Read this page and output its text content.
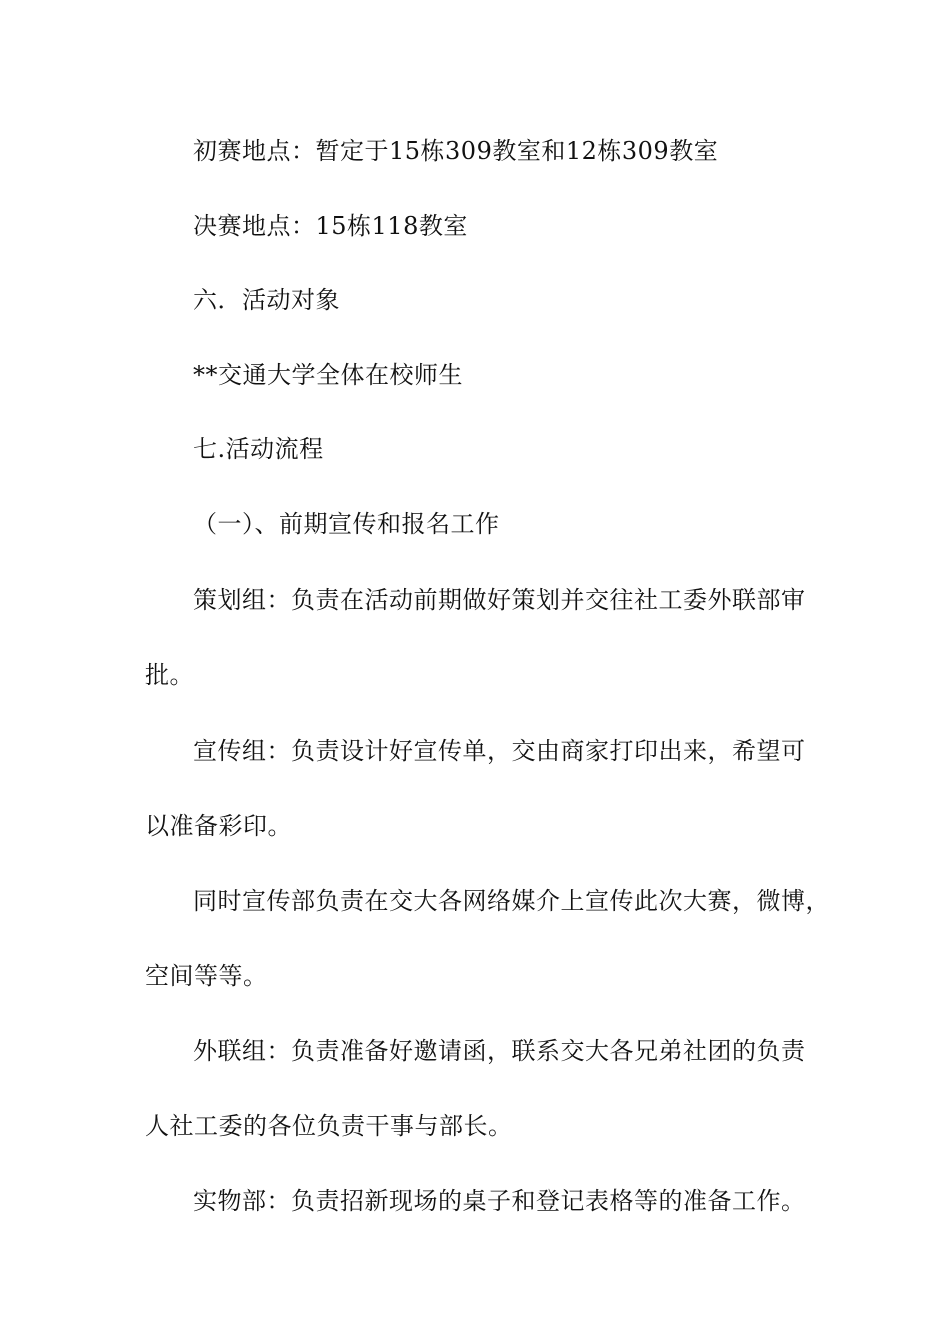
初赛地点：暂定于15栋309教室和12栋309教室
决赛地点：15栋118教室
六．活动对象
**交通大学全体在校师生
七.活动流程
（一）、前期宣传和报名工作
策划组：负责在活动前期做好策划并交往社工委外联部审
批。
宣传组：负责设计好宣传单，交由商家打印出来，希望可
以准备彩印。
同时宣传部负责在交大各网络媒介上宣传此次大赛，微博，
空间等等。
外联组：负责准备好邀请函，联系交大各兄弟社团的负责
人社工委的各位负责干事与部长。
实物部：负责招新现场的桌子和登记表格等的准备工作。
